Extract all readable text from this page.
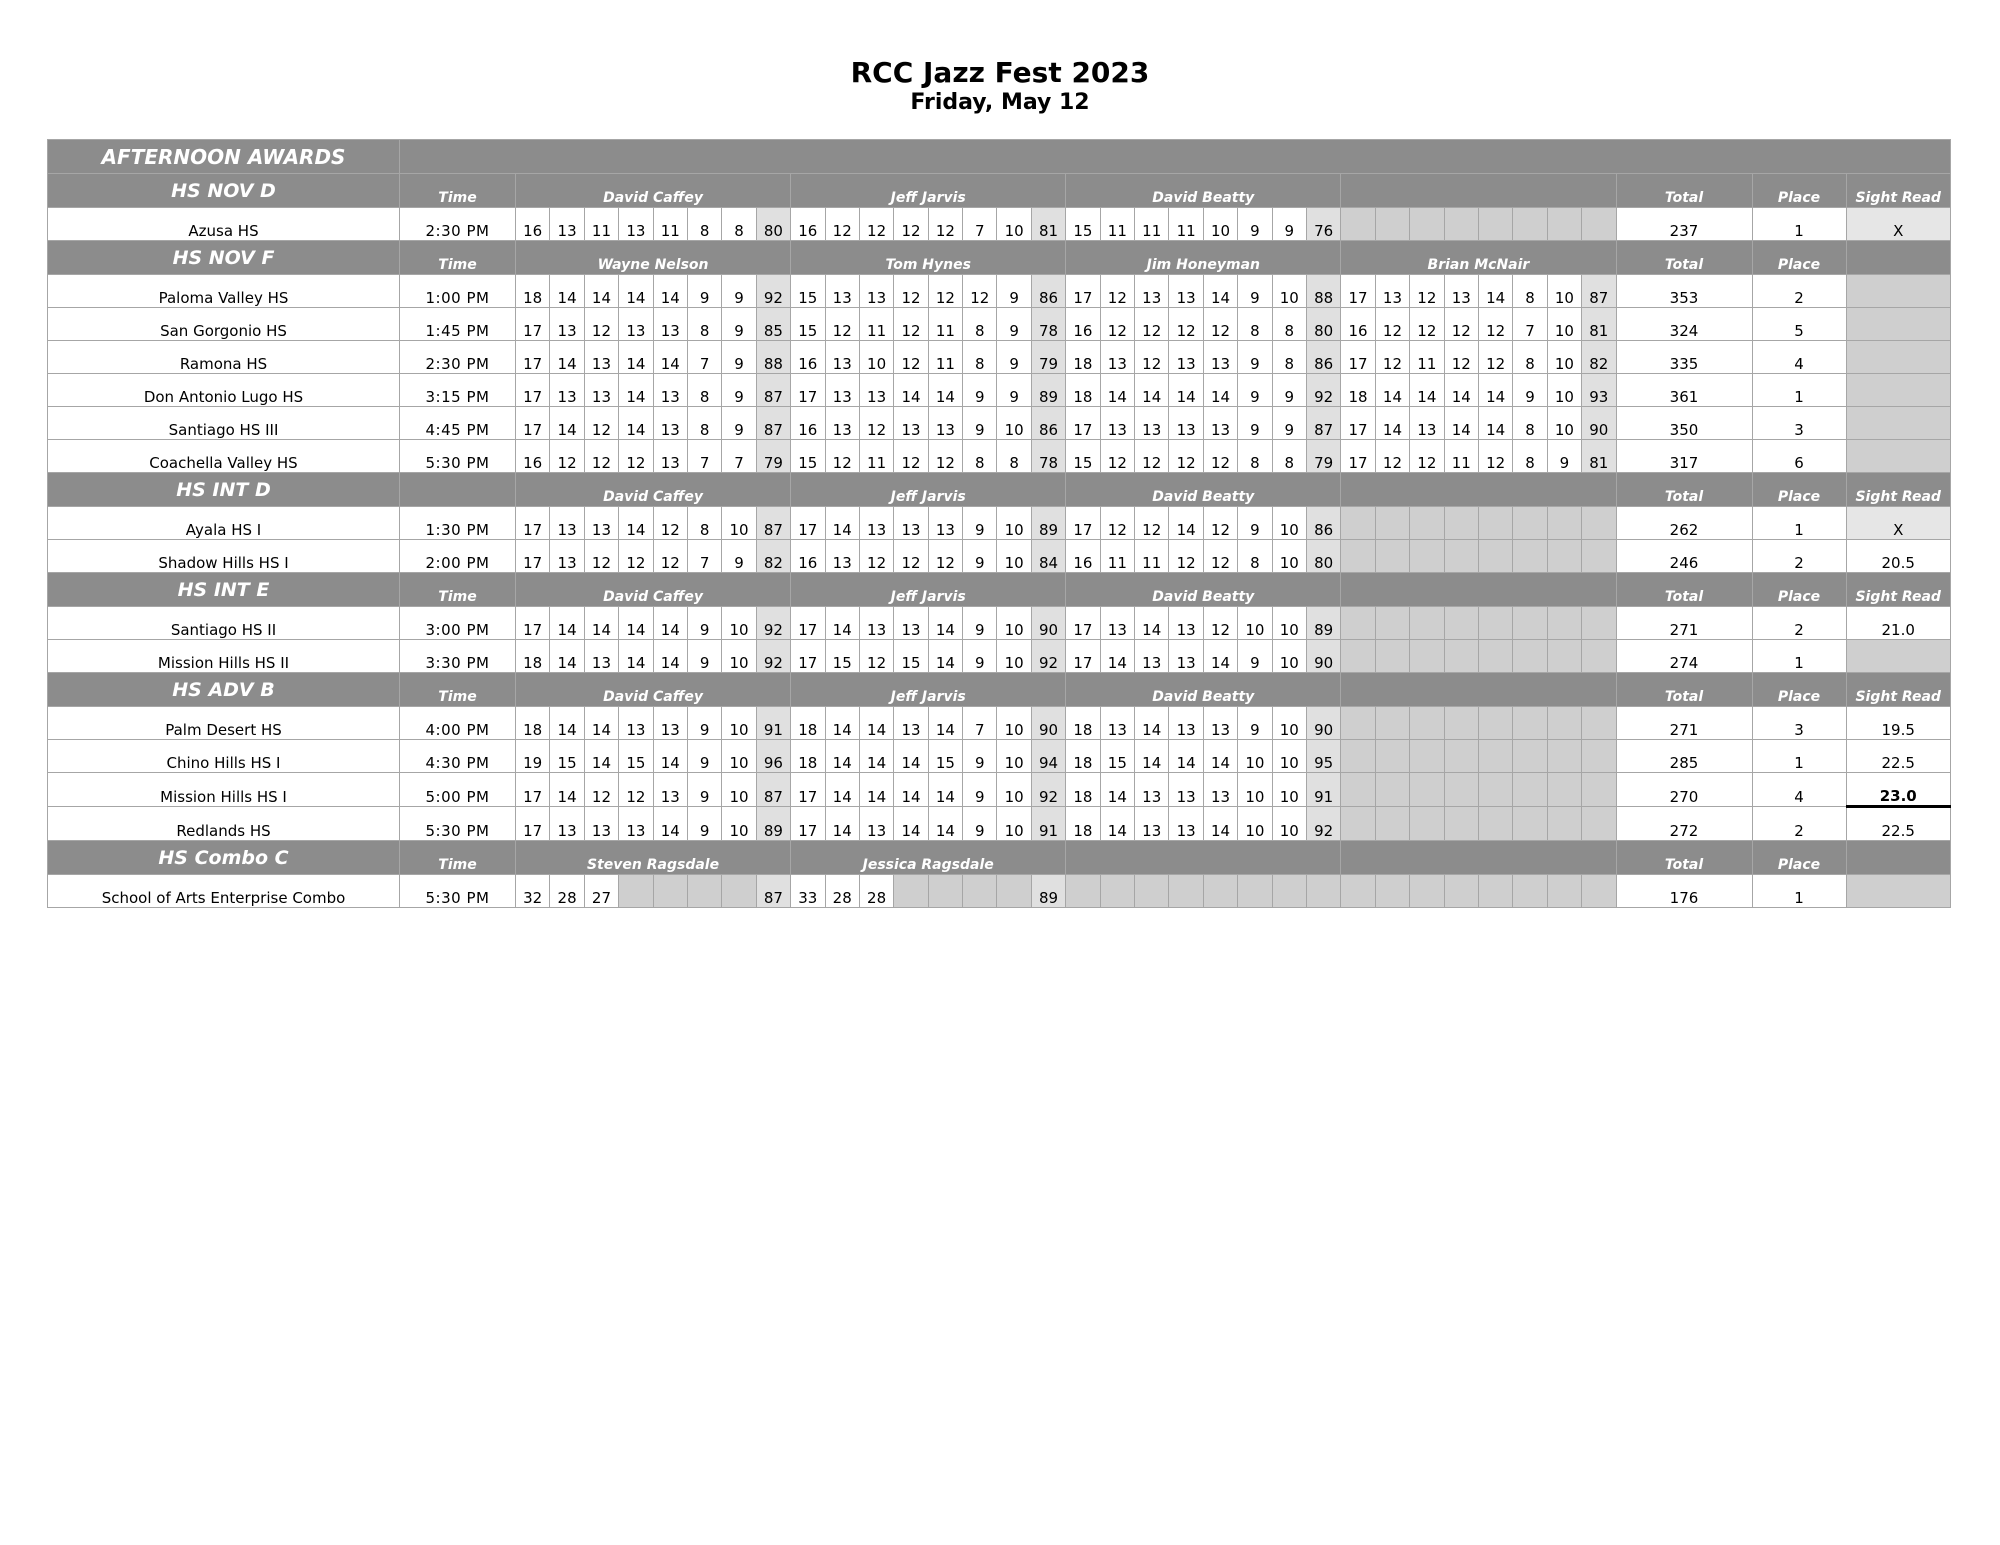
RCC Jazz Fest 2023
Friday, May 12
AFTERNOON AWARDS																																				
HS NOV D	Time	David Caffey								Jeff Jarvis								David Beatty																Total	Place	Sight Read
Azusa HS	2:30 PM	16	13	11	13	11	8	8	80	16	12	12	12	12	7	10	81	15	11	11	11	10	9	9	76									237	1	X
HS NOV F	Time	Wayne Nelson								Tom Hynes								Jim Honeyman								Brian McNair								Total	Place	
Paloma Valley HS	1:00 PM	18	14	14	14	14	9	9	92	15	13	13	12	12	12	9	86	17	12	13	13	14	9	10	88	17	13	12	13	14	8	10	87	353	2	
San Gorgonio HS	1:45 PM	17	13	12	13	13	8	9	85	15	12	11	12	11	8	9	78	16	12	12	12	12	8	8	80	16	12	12	12	12	7	10	81	324	5	
Ramona HS	2:30 PM	17	14	13	14	14	7	9	88	16	13	10	12	11	8	9	79	18	13	12	13	13	9	8	86	17	12	11	12	12	8	10	82	335	4	
Don Antonio Lugo HS	3:15 PM	17	13	13	14	13	8	9	87	17	13	13	14	14	9	9	89	18	14	14	14	14	9	9	92	18	14	14	14	14	9	10	93	361	1	
Santiago HS III	4:45 PM	17	14	12	14	13	8	9	87	16	13	12	13	13	9	10	86	17	13	13	13	13	9	9	87	17	14	13	14	14	8	10	90	350	3	
Coachella Valley HS	5:30 PM	16	12	12	12	13	7	7	79	15	12	11	12	12	8	8	78	15	12	12	12	12	8	8	79	17	12	12	11	12	8	9	81	317	6	
HS INT D		David Caffey								Jeff Jarvis								David Beatty																Total	Place	Sight Read
Ayala HS I	1:30 PM	17	13	13	14	12	8	10	87	17	14	13	13	13	9	10	89	17	12	12	14	12	9	10	86									262	1	X
Shadow Hills HS I	2:00 PM	17	13	12	12	12	7	9	82	16	13	12	12	12	9	10	84	16	11	11	12	12	8	10	80									246	2	20.5
HS INT E	Time	David Caffey								Jeff Jarvis								David Beatty																Total	Place	Sight Read
Santiago HS II	3:00 PM	17	14	14	14	14	9	10	92	17	14	13	13	14	9	10	90	17	13	14	13	12	10	10	89									271	2	21.0
Mission Hills HS II	3:30 PM	18	14	13	14	14	9	10	92	17	15	12	15	14	9	10	92	17	14	13	13	14	9	10	90									274	1	
HS ADV B	Time	David Caffey								Jeff Jarvis								David Beatty																Total	Place	Sight Read
Palm Desert HS	4:00 PM	18	14	14	13	13	9	10	91	18	14	14	13	14	7	10	90	18	13	14	13	13	9	10	90									271	3	19.5
Chino Hills HS I	4:30 PM	19	15	14	15	14	9	10	96	18	14	14	14	15	9	10	94	18	15	14	14	14	10	10	95									285	1	22.5
Mission Hills HS I	5:00 PM	17	14	12	12	13	9	10	87	17	14	14	14	14	9	10	92	18	14	13	13	13	10	10	91									270	4	23.0
Redlands HS	5:30 PM	17	13	13	13	14	9	10	89	17	14	13	14	14	9	10	91	18	14	13	13	14	10	10	92									272	2	22.5
HS Combo C	Time	Steven Ragsdale								Jessica Ragsdale																								Total	Place	
School of Arts Enterprise Combo	5:30 PM	32	28	27					87	33	28	28					89																	176	1	
